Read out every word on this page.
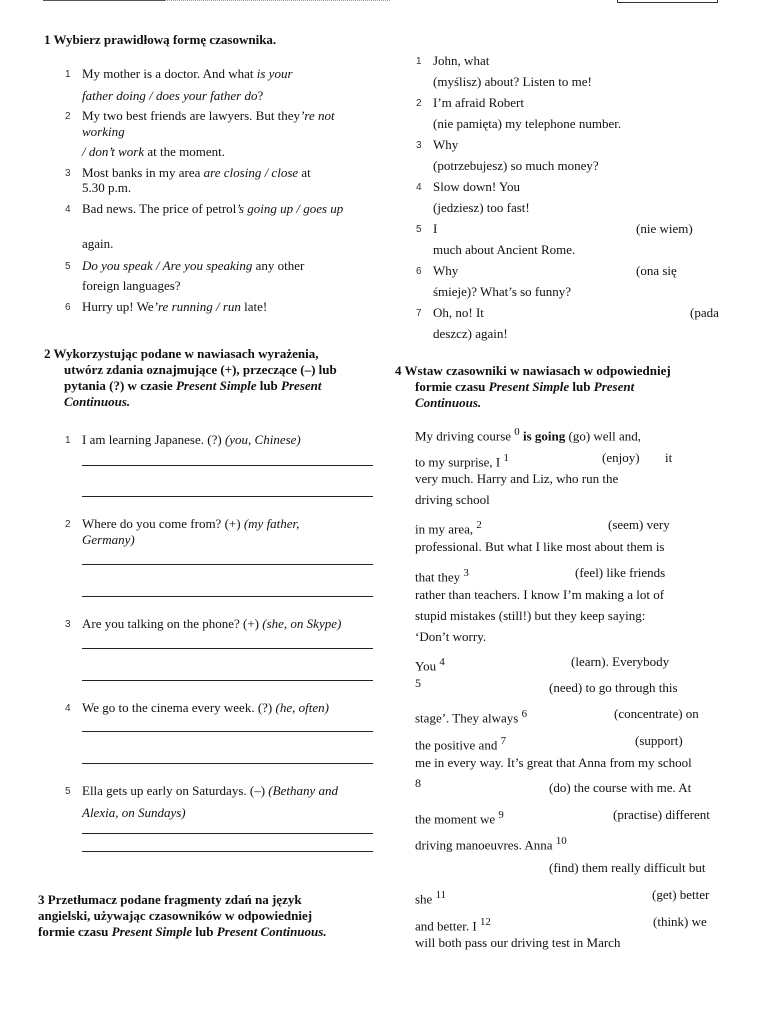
1 Wybierz prawidłową formę czasownika.
1 My mother is a doctor. And what is your
father doing / does your father do?
2 My two best friends are lawyers. But they’re not working
/ don’t work at the moment.
3 Most banks in my area are closing / close at
5.30 p.m.
4 Bad news. The price of petrol’s going up / goes up
again.
5 Do you speak / Are you speaking any other
foreign languages?
6 Hurry up! We’re running / run late!
2 Wykorzystując podane w nawiasach wyrażenia,
utwórz zdania oznajmujące (+), przeczące (–) lub
pytania (?) w czasie Present Simple lub Present
Continuous.
1 I am learning Japanese. (?) (you, Chinese)
2 Where do you come from? (+) (my father,
Germany)
3 Are you talking on the phone? (+) (she, on Skype)
4 We go to the cinema every week. (?) (he, often)
5 Ella gets up early on Saturdays. (–) (Bethany and
Alexia, on Sundays)
3 Przetłumacz podane fragmenty zdań na język
angielski, używając czasowników w odpowiedniej
formie czasu Present Simple lub Present Continuous.
1 John, what
(myślisz) about? Listen to me!
2 I’m afraid Robert
(nie pamięta) my telephone number.
3 Why
(potrzebujesz) so much money?
4 Slow down! You
(jedziesz) too fast!
5 I	(nie wiem)
much about Ancient Rome.
6 Why	(ona się
śmieje)? What’s so funny?
7 Oh, no! It	(pada
deszcz) again!
4 Wstaw czasowniki w nawiasach w odpowiedniej
formie czasu Present Simple lub Present
Continuous.
My driving course $^0$ is going (go) well and,
to my surprise, I $^1$	(enjoy) it
very much. Harry and Liz, who run the
driving school
in my area, $^2$	(seem) very
professional. But what I like most about them is
that they $^3$	(feel) like friends
rather than teachers. I know I’m making a lot of
stupid mistakes (still!) but they keep saying:
‘Don’t worry.
You $^4$	(learn). Everybody
5	(need) to go through this
stage’. They always $^6$	(concentrate) on
the positive and $^7$	(support)
me in every way. It’s great that Anna from my school
8	(do) the course with me. At
the moment we $^9$	(practise) different
driving manoeuvres. Anna $^{10}$
(find) them really difficult but
she $^{11}$	(get) better
and better. I $^{12}$	(think) we
will both pass our driving test in March
